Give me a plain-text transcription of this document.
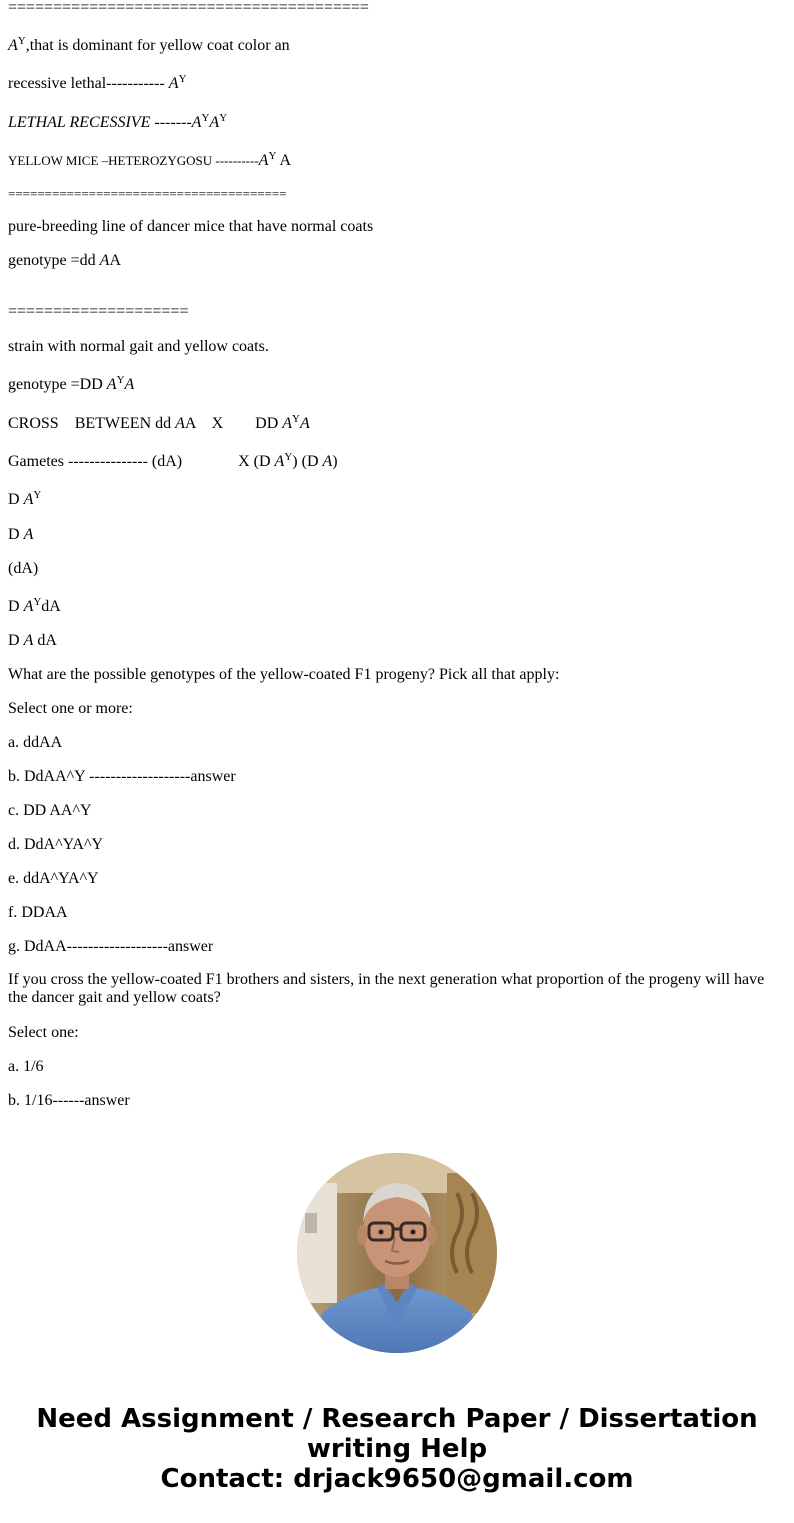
========================================
$A^Y,that$ is dominant for yellow coat color an
recessive lethal----------- $A^Y$
LETHAL RECESSIVE $-------A^YA^Y$
YELLOW MICE –HETEROZYGOSU $----------A^Y$ A
======================================
pure-breeding line of dancer mice that have normal coats
genotype =dd AA
====================
strain with normal gait and yellow coats.
genotype =DD $A^YA$
CROSS    BETWEEN dd AA    X        DD $A^YA$
Gametes --------------- (dA)              X (D $A^Y$) (D A)
D $A^Y$
D A
(dA)
D $A^YdA$
D A dA
What are the possible genotypes of the yellow-coated F1 progeny? Pick all that apply:
Select one or more:
a. ddAA
b. DdAA^Y -------------------answer
c. DD AA^Y
d. DdA^YA^Y
e. ddA^YA^Y
f. DDAA
g. DdAA-------------------answer
If you cross the yellow-coated F1 brothers and sisters, in the next generation what proportion of the progeny will have the dancer gait and yellow coats?
Select one:
a. 1/6
b. 1/16------answer
Need Assignment / Research Paper / Dissertation
writing Help
Contact: drjack9650@gmail.com
